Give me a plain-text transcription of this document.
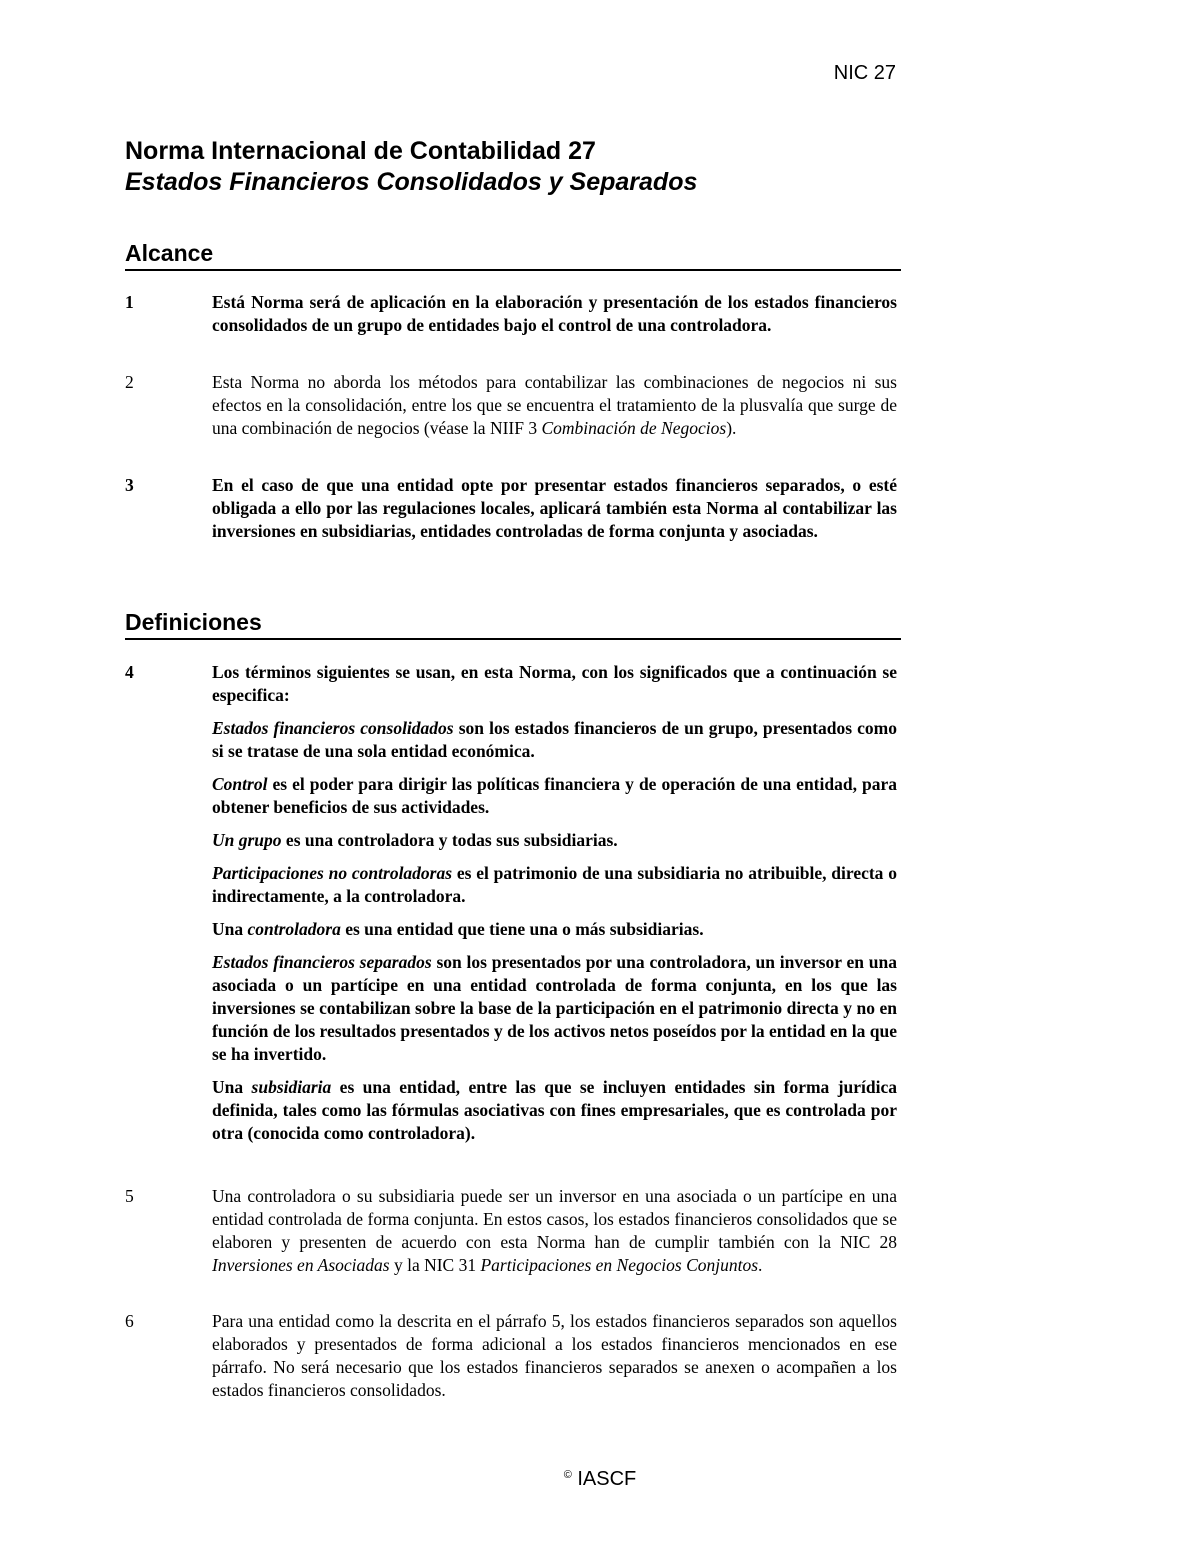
NIC 27
Norma Internacional de Contabilidad 27
Estados Financieros Consolidados y Separados
Alcance
1	Está Norma será de aplicación en la elaboración y presentación de los estados financieros consolidados de un grupo de entidades bajo el control de una controladora.
2	Esta Norma no aborda los métodos para contabilizar las combinaciones de negocios ni sus efectos en la consolidación, entre los que se encuentra el tratamiento de la plusvalía que surge de una combinación de negocios (véase la NIIF 3 Combinación de Negocios).
3	En el caso de que una entidad opte por presentar estados financieros separados, o esté obligada a ello por las regulaciones locales, aplicará también esta Norma al contabilizar las inversiones en subsidiarias, entidades controladas de forma conjunta y asociadas.
Definiciones
4	Los términos siguientes se usan, en esta Norma, con los significados que a continuación se especifica:
Estados financieros consolidados son los estados financieros de un grupo, presentados como si se tratase de una sola entidad económica.
Control es el poder para dirigir las políticas financiera y de operación de una entidad, para obtener beneficios de sus actividades.
Un grupo es una controladora y todas sus subsidiarias.
Participaciones no controladoras es el patrimonio de una subsidiaria no atribuible, directa o indirectamente, a la controladora.
Una controladora es una entidad que tiene una o más subsidiarias.
Estados financieros separados son los presentados por una controladora, un inversor en una asociada o un partícipe en una entidad controlada de forma conjunta, en los que las inversiones se contabilizan sobre la base de la participación en el patrimonio directa y no en función de los resultados presentados y de los activos netos poseídos por la entidad en la que se ha invertido.
Una subsidiaria es una entidad, entre las que se incluyen entidades sin forma jurídica definida, tales como las fórmulas asociativas con fines empresariales, que es controlada por otra (conocida como controladora).
5	Una controladora o su subsidiaria puede ser un inversor en una asociada o un partícipe en una entidad controlada de forma conjunta. En estos casos, los estados financieros consolidados que se elaboren y presenten de acuerdo con esta Norma han de cumplir también con la NIC 28 Inversiones en Asociadas y la NIC 31 Participaciones en Negocios Conjuntos.
6	Para una entidad como la descrita en el párrafo 5, los estados financieros separados son aquellos elaborados y presentados de forma adicional a los estados financieros mencionados en ese párrafo. No será necesario que los estados financieros separados se anexen o acompañen a los estados financieros consolidados.
© IASCF
